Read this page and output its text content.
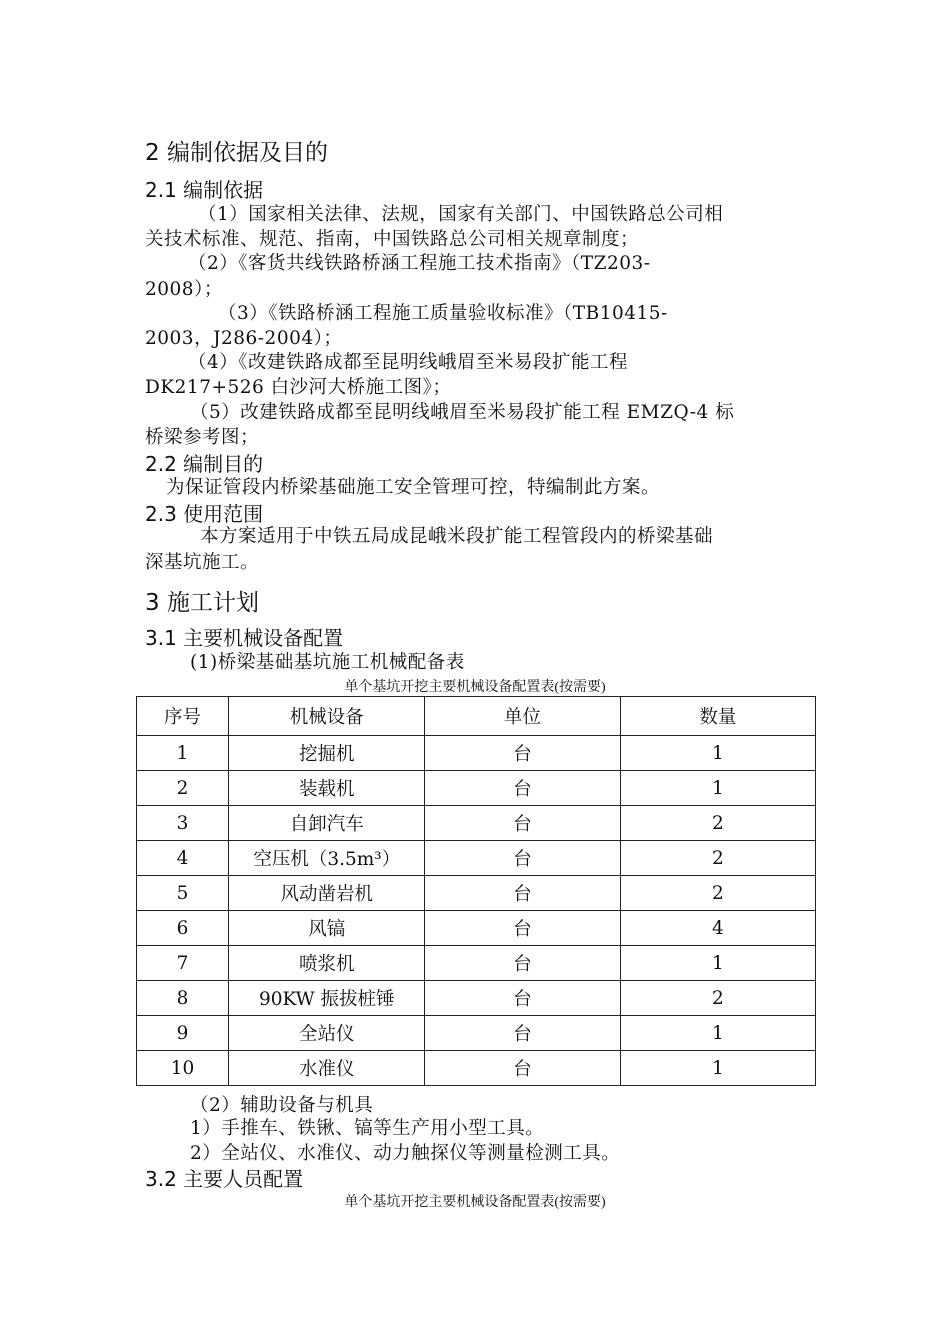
2 编制依据及目的
2.1 编制依据
（1）国家相关法律、法规，国家有关部门、中国铁路总公司相
关技术标准、规范、指南，中国铁路总公司相关规章制度；
（2）《客货共线铁路桥涵工程施工技术指南》（TZ203-
2008）；
（3）《铁路桥涵工程施工质量验收标准》（TB10415-
2003，J286-2004）；
（4）《改建铁路成都至昆明线峨眉至米易段扩能工程
DK217+526 白沙河大桥施工图》；
（5）改建铁路成都至昆明线峨眉至米易段扩能工程 EMZQ-4 标
桥梁参考图；
2.2 编制目的
为保证管段内桥梁基础施工安全管理可控，特编制此方案。
2.3 使用范围
本方案适用于中铁五局成昆峨米段扩能工程管段内的桥梁基础
深基坑施工。
3 施工计划
3.1 主要机械设备配置
(1)桥梁基础基坑施工机械配备表
单个基坑开挖主要机械设备配置表(按需要)
序号	机械设备	单位	数量
1	挖掘机	台	1
2	装载机	台	1
3	自卸汽车	台	2
4	空压机（3.5m³）	台	2
5	风动凿岩机	台	2
6	风镐	台	4
7	喷浆机	台	1
8	90KW 振拔桩锤	台	2
9	全站仪	台	1
10	水准仪	台	1
（2）辅助设备与机具
1）手推车、铁锹、镐等生产用小型工具。
2）全站仪、水准仪、动力触探仪等测量检测工具。
3.2 主要人员配置
单个基坑开挖主要机械设备配置表(按需要)
